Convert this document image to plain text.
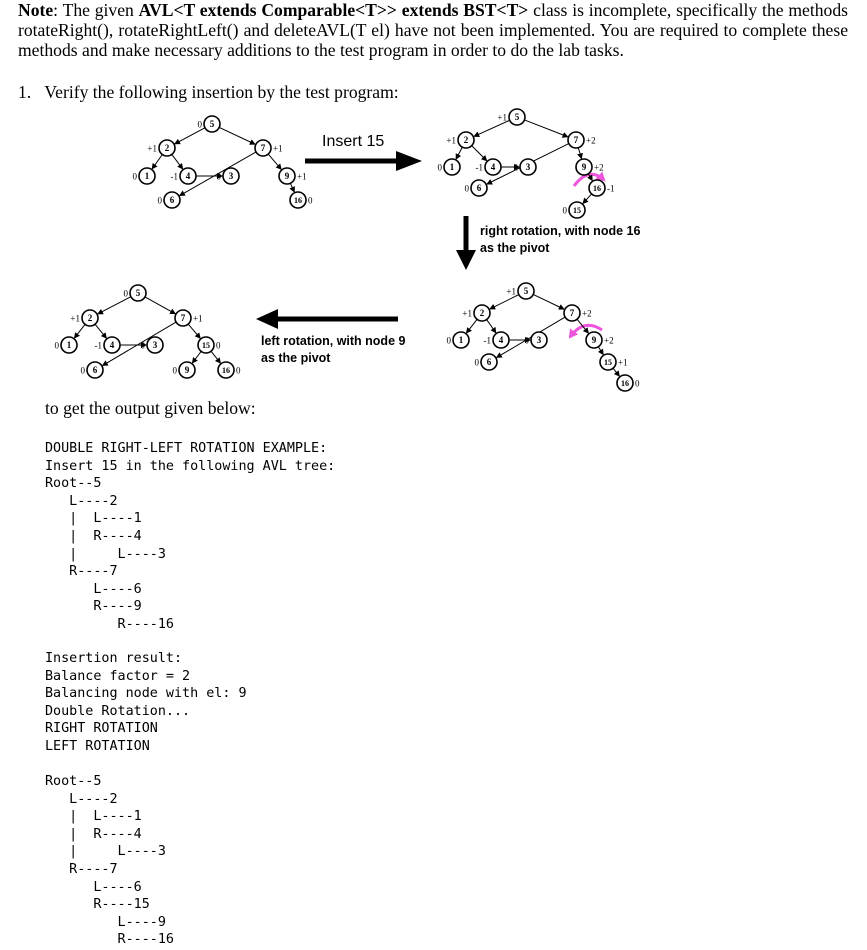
Note: The given AVL<T extends Comparable<T>> extends BST<T> class is incomplete, specifically the methods rotateRight(), rotateRightLeft() and deleteAVL(T el) have not been implemented. You are required to complete these methods and make necessary additions to the test program in order to do the lab tasks.

1. Verify the following insertion by the test program:

Insert 15
right rotation, with node 16
as the pivot
left rotation, with node 9
as the pivot
5
0
2
+1	7 +1
1
0	4
-1	3
0
6
0
9 +1
16 0
5
+1
2
+1	7 +2
1
0	4
-1	3
0
6
0
9 +2
16 -1
15
0
5
+1
2
+1	7 +2
1
0	4
-1	3
0
6
0
9 +2
15 +1
16 0
5
0
2
+1	7 +1
1
0	4
-1	3
0
6
0
15 0
9
0	16 0

to get the output given below:

DOUBLE RIGHT-LEFT ROTATION EXAMPLE:
Insert 15 in the following AVL tree:
Root--5
L----2
|  L----1
|  R----4
|     L----3
R----7
L----6
R----9
R----16
Insertion result:
Balance factor = 2
Balancing node with el: 9
Double Rotation...
RIGHT ROTATION
LEFT ROTATION
Root--5
L----2
|  L----1
|  R----4
|     L----3
R----7
L----6
R----15
L----9
R----16
